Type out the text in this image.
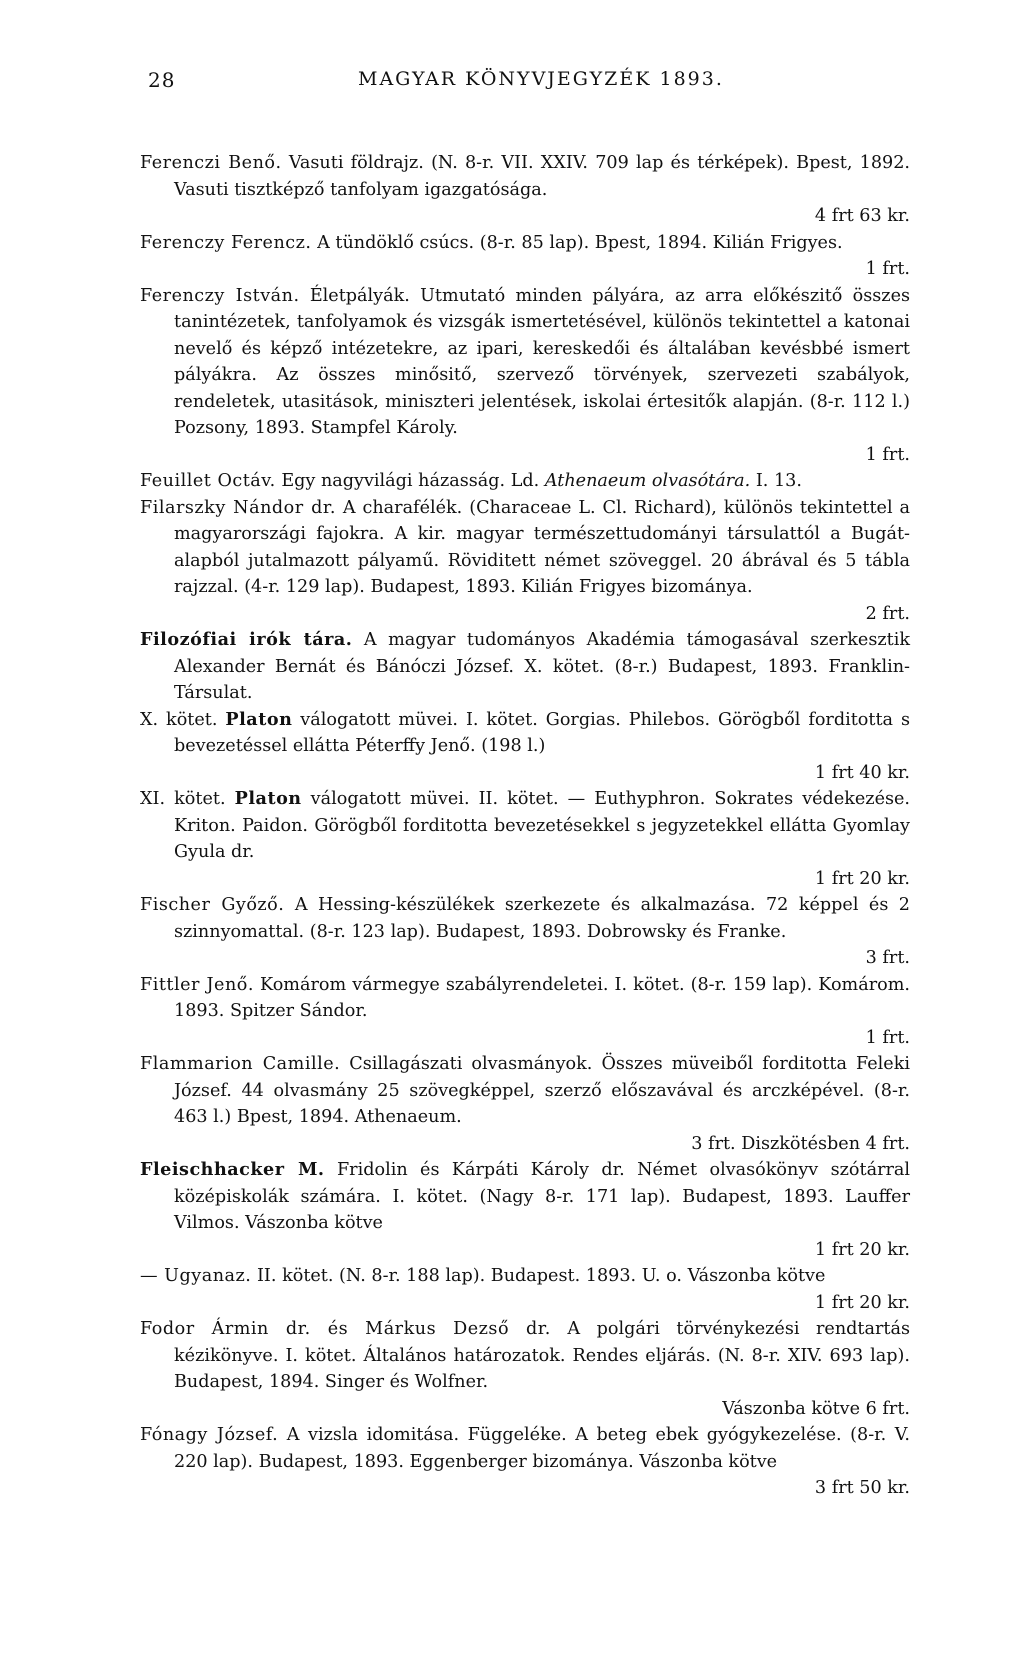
28	MAGYAR KÖNYVJEGYZÉK 1893.

Ferenczi Benő. Vasuti földrajz. (N. 8-r. VII. XXIV. 709 lap és térképek). Bpest, 1892. Vasuti tisztképző tanfolyam igazgatósága.

4 frt 63 kr.

Ferenczy Ferencz. A tündöklő csúcs. (8-r. 85 lap). Bpest, 1894. Kilián Frigyes.

1 frt.

Ferenczy István. Életpályák. Utmutató minden pályára, az arra előkészitő összes tanintézetek, tanfolyamok és vizsgák ismertetésével, különös tekintettel a katonai nevelő és képző intézetekre, az ipari, kereskedői és általában kevésbbé ismert pályákra. Az összes minősitő, szervező törvények, szervezeti szabályok, rendeletek, utasitások, miniszteri jelentések, iskolai értesitők alapján. (8-r. 112 l.) Pozsony, 1893. Stampfel Károly.

1 frt.

Feuillet Octáv. Egy nagyvilági házasság. Ld. Athenaeum olvasótára. I. 13.

Filarszky Nándor dr. A charafélék. (Characeae L. Cl. Richard), különös tekintettel a magyarországi fajokra. A kir. magyar természettudományi társulattól a Bugát-alapból jutalmazott pályamű. Röviditett német szöveggel. 20 ábrával és 5 tábla rajzzal. (4-r. 129 lap). Budapest, 1893. Kilián Frigyes bizománya.

2 frt.

Filozófiai irók tára. A magyar tudományos Akadémia támogasával szerkesztik Alexander Bernát és Bánóczi József. X. kötet. (8-r.) Budapest, 1893. Franklin-Társulat.

X. kötet. Platon válogatott müvei. I. kötet. Gorgias. Philebos. Görögből forditotta s bevezetéssel ellátta Péterffy Jenő. (198 l.)

1 frt 40 kr.

XI. kötet. Platon válogatott müvei. II. kötet. — Euthyphron. Sokrates védekezése. Kriton. Paidon. Görögből forditotta bevezetésekkel s jegyzetekkel ellátta Gyomlay Gyula dr.

1 frt 20 kr.

Fischer Győző. A Hessing-készülékek szerkezete és alkalmazása. 72 képpel és 2 szinnyomattal. (8-r. 123 lap). Budapest, 1893. Dobrowsky és Franke.

3 frt.

Fittler Jenő. Komárom vármegye szabályrendeletei. I. kötet. (8-r. 159 lap). Komárom. 1893. Spitzer Sándor.

1 frt.

Flammarion Camille. Csillagászati olvasmányok. Összes müveiből forditotta Feleki József. 44 olvasmány 25 szövegképpel, szerző előszavával és arczképével. (8-r. 463 l.) Bpest, 1894. Athenaeum.

3 frt. Diszkötésben 4 frt.

Fleischhacker M. Fridolin és Kárpáti Károly dr. Német olvasókönyv szótárral középiskolák számára. I. kötet. (Nagy 8-r. 171 lap). Budapest, 1893. Lauffer Vilmos. Vászonba kötve

1 frt 20 kr.

— Ugyanaz. II. kötet. (N. 8-r. 188 lap). Budapest. 1893. U. o. Vászonba kötve

1 frt 20 kr.

Fodor Ármin dr. és Márkus Dezső dr. A polgári törvénykezési rendtartás kézikönyve. I. kötet. Általános határozatok. Rendes eljárás. (N. 8-r. XIV. 693 lap). Budapest, 1894. Singer és Wolfner.

Vászonba kötve 6 frt.

Fónagy József. A vizsla idomitása. Függeléke. A beteg ebek gyógykezelése. (8-r. V. 220 lap). Budapest, 1893. Eggenberger bizománya. Vászonba kötve

3 frt 50 kr.
